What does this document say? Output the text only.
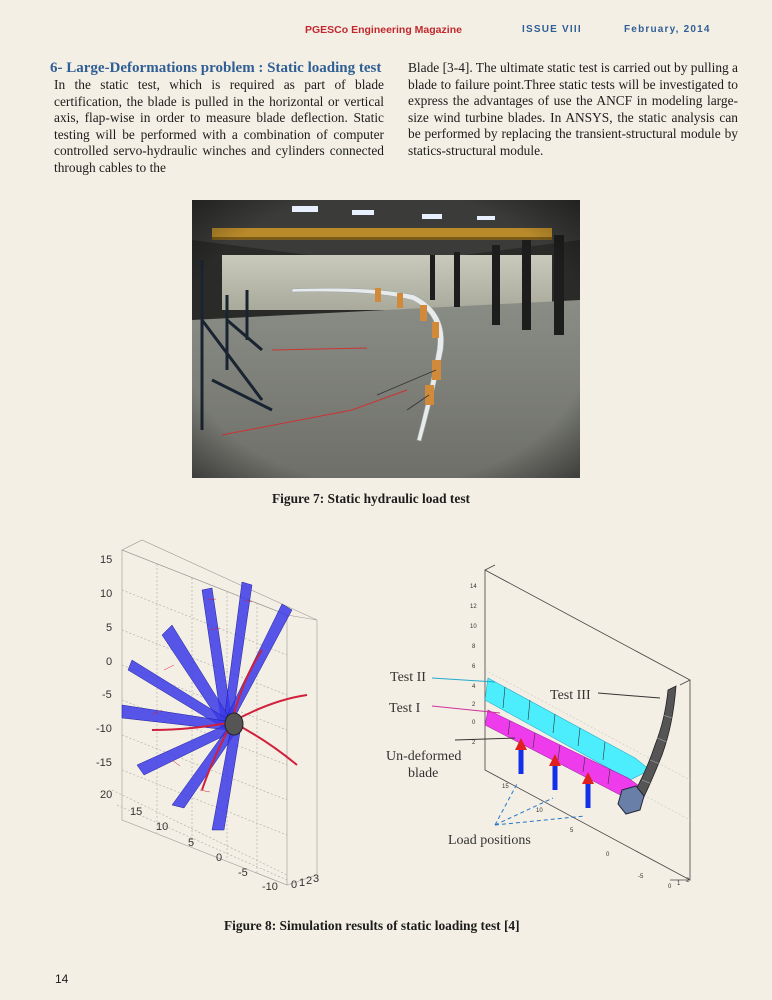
PGESCo Engineering Magazine	ISSUE VIII	February, 2014
6- Large-Deformations problem : Static loading test

In the static test, which is required as part of blade certification, the blade is pulled in the horizontal or vertical axis, flap-wise in order to measure blade deflection. Static testing will be performed with a combination of computer controlled servo-hydraulic winches and cylinders connected through cables to the

Blade [3-4]. The ultimate static test is carried out by pulling a blade to failure point.Three static tests will be investigated to express the advantages of use the ANCF in modeling large-size wind turbine blades. In ANSYS, the static analysis can be performed by replacing the transient-structural module by statics-structural module.

Figure 7: Static hydraulic load test
15
10
5
0
-5
-10
-15
20
15
10
5
0
-5
-10 0 1 2 3
14
12
10
8
6
4
2
0
2
15
10
5
0
-5
0 1 2
Test II
Test I
Test III
Un-deformed
blade
Load positions
Figure 8: Simulation results of static loading test [4]
14
